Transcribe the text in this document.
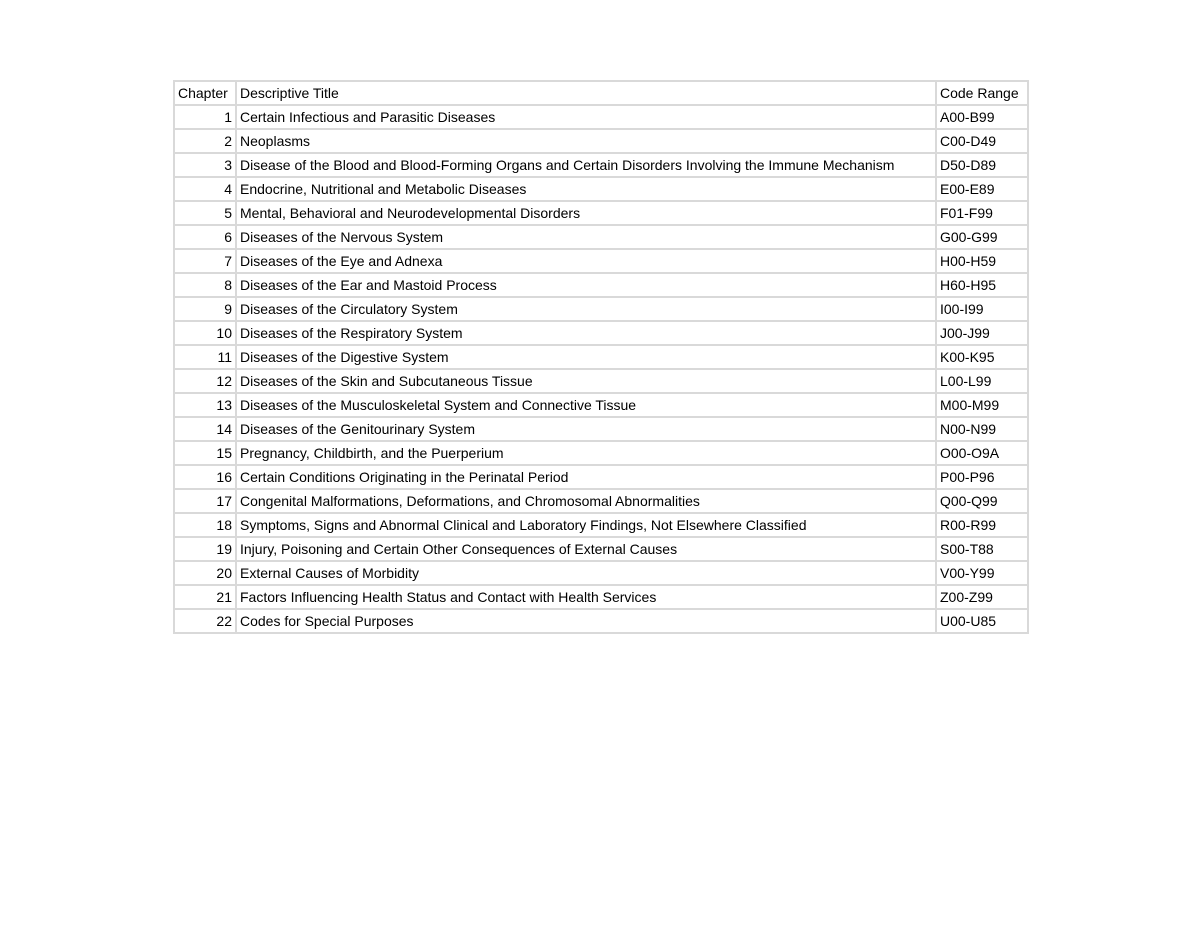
Chapter	Descriptive Title	Code Range
1	Certain Infectious and Parasitic Diseases	A00-B99
2	Neoplasms	C00-D49
3	Disease of the Blood and Blood-Forming Organs and Certain Disorders Involving the Immune Mechanism	D50-D89
4	Endocrine, Nutritional and Metabolic Diseases	E00-E89
5	Mental, Behavioral and Neurodevelopmental Disorders	F01-F99
6	Diseases of the Nervous System	G00-G99
7	Diseases of the Eye and Adnexa	H00-H59
8	Diseases of the Ear and Mastoid Process	H60-H95
9	Diseases of the Circulatory System	I00-I99
10	Diseases of the Respiratory System	J00-J99
11	Diseases of the Digestive System	K00-K95
12	Diseases of the Skin and Subcutaneous Tissue	L00-L99
13	Diseases of the Musculoskeletal System and Connective Tissue	M00-M99
14	Diseases of the Genitourinary System	N00-N99
15	Pregnancy, Childbirth, and the Puerperium	O00-O9A
16	Certain Conditions Originating in the Perinatal Period	P00-P96
17	Congenital Malformations, Deformations, and Chromosomal Abnormalities	Q00-Q99
18	Symptoms, Signs and Abnormal Clinical and Laboratory Findings, Not Elsewhere Classified	R00-R99
19	Injury, Poisoning and Certain Other Consequences of External Causes	S00-T88
20	External Causes of Morbidity	V00-Y99
21	Factors Influencing Health Status and Contact with Health Services	Z00-Z99
22	Codes for Special Purposes	U00-U85
